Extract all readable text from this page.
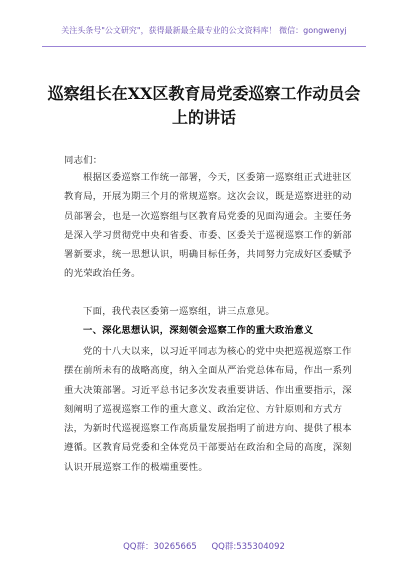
关注头条号"公文研究"，获得最新最全最专业的公文资料库！ 微信：gongwenyj
巡察组长在XX区教育局党委巡察工作动员会上的讲话
同志们：
根据区委巡察工作统一部署，今天，区委第一巡察组正式进驻区教育局，开展为期三个月的常规巡察。这次会议，既是巡察进驻的动员部署会，也是一次巡察组与区教育局党委的见面沟通会。主要任务是深入学习贯彻党中央和省委、市委、区委关于巡视巡察工作的新部署新要求，统一思想认识，明确目标任务，共同努力完成好区委赋予的光荣政治任务。
下面，我代表区委第一巡察组，讲三点意见。
一、深化思想认识，深刻领会巡察工作的重大政治意义
党的十八大以来，以习近平同志为核心的党中央把巡视巡察工作摆在前所未有的战略高度，纳入全面从严治党总体布局，作出一系列重大决策部署。习近平总书记多次发表重要讲话、作出重要指示，深刻阐明了巡视巡察工作的重大意义、政治定位、方针原则和方式方法，为新时代巡视巡察工作高质量发展指明了前进方向、提供了根本遵循。区教育局党委和全体党员干部要站在政治和全局的高度，深刻认识开展巡察工作的极端重要性。
QQ群：30265665 QQ群:535304092
